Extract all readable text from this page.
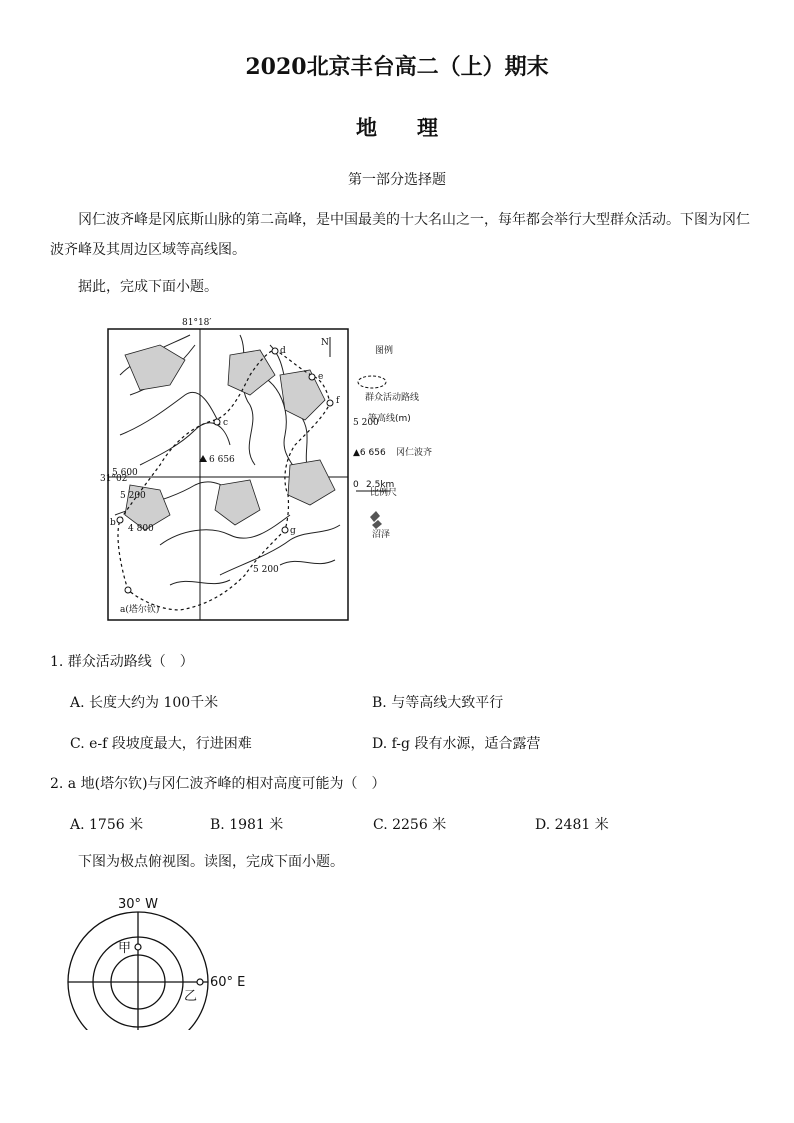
2020北京丰台高二（上）期末
地理
第一部分选择题
冈仁波齐峰是冈底斯山脉的第二高峰，是中国最美的十大名山之一，每年都会举行大型群众活动。下图为冈仁波齐峰及其周边区域等高线图。
据此，完成下面小题。
a(塔尔钦)
b
c
d
e
f
g
6 656
5 600
5 200
4 800
5 200
5 200
81°18′
31°02′
N
图例
群众活动路线
等高线(m)
▲6 656 冈仁波齐
0 2.5km
比例尺
沼泽
1. 群众活动路线（　）
A. 长度大约为 100千米	B. 与等高线大致平行
C. e-f 段坡度最大，行进困难	D. f-g 段有水源，适合露营
2. a 地(塔尔钦)与冈仁波齐峰的相对高度可能为（　）
A. 1756 米	B. 1981 米	C. 2256 米	D. 2481 米
下图为极点俯视图。读图，完成下面小题。
30° W
60° E
甲
乙
